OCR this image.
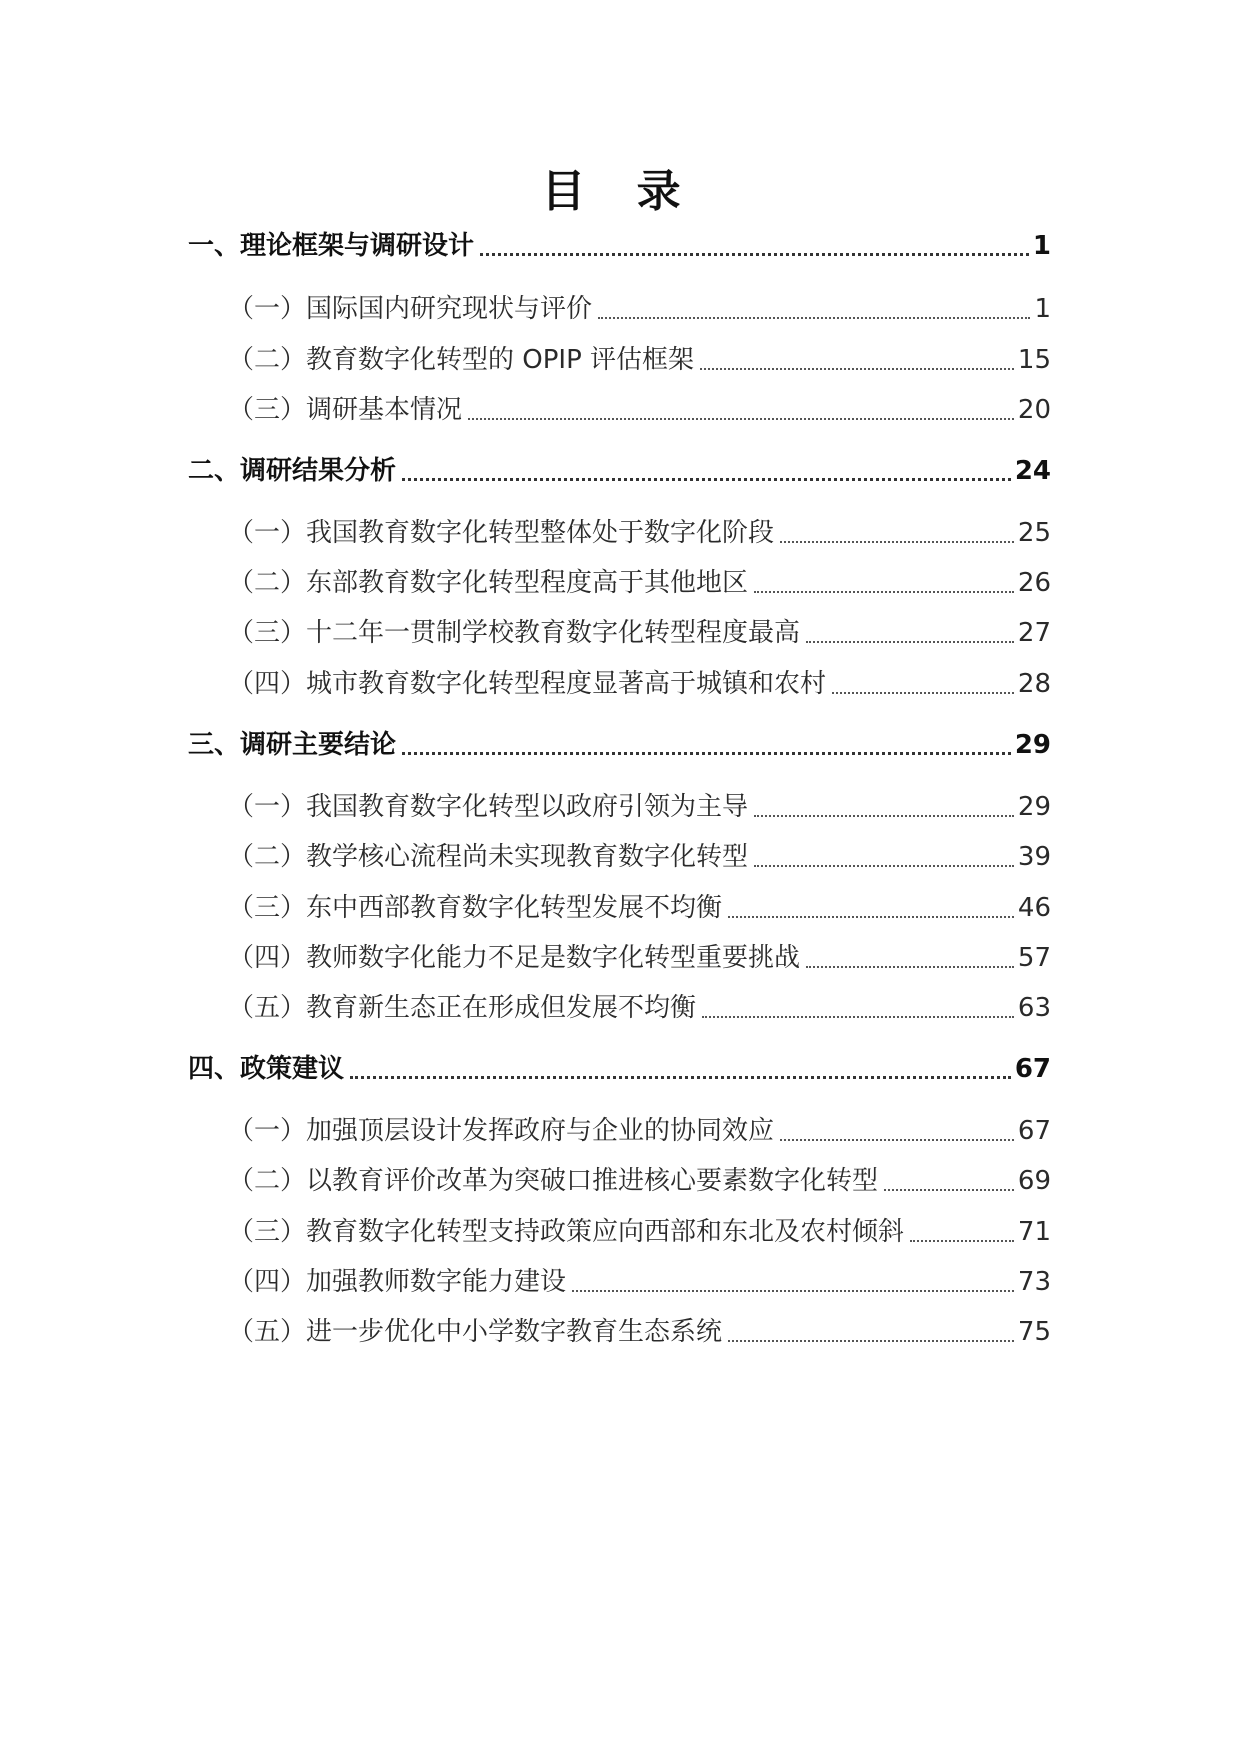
目 录
一、理论框架与调研设计	1
（一）国际国内研究现状与评价	1
（二）教育数字化转型的 OPIP 评估框架	15
（三）调研基本情况	20
二、调研结果分析	24
（一）我国教育数字化转型整体处于数字化阶段	25
（二）东部教育数字化转型程度高于其他地区	26
（三）十二年一贯制学校教育数字化转型程度最高	27
（四）城市教育数字化转型程度显著高于城镇和农村	28
三、调研主要结论	29
（一）我国教育数字化转型以政府引领为主导	29
（二）教学核心流程尚未实现教育数字化转型	39
（三）东中西部教育数字化转型发展不均衡	46
（四）教师数字化能力不足是数字化转型重要挑战	57
（五）教育新生态正在形成但发展不均衡	63
四、政策建议	67
（一）加强顶层设计发挥政府与企业的协同效应	67
（二）以教育评价改革为突破口推进核心要素数字化转型	69
（三）教育数字化转型支持政策应向西部和东北及农村倾斜	71
（四）加强教师数字能力建设	73
（五）进一步优化中小学数字教育生态系统	75
